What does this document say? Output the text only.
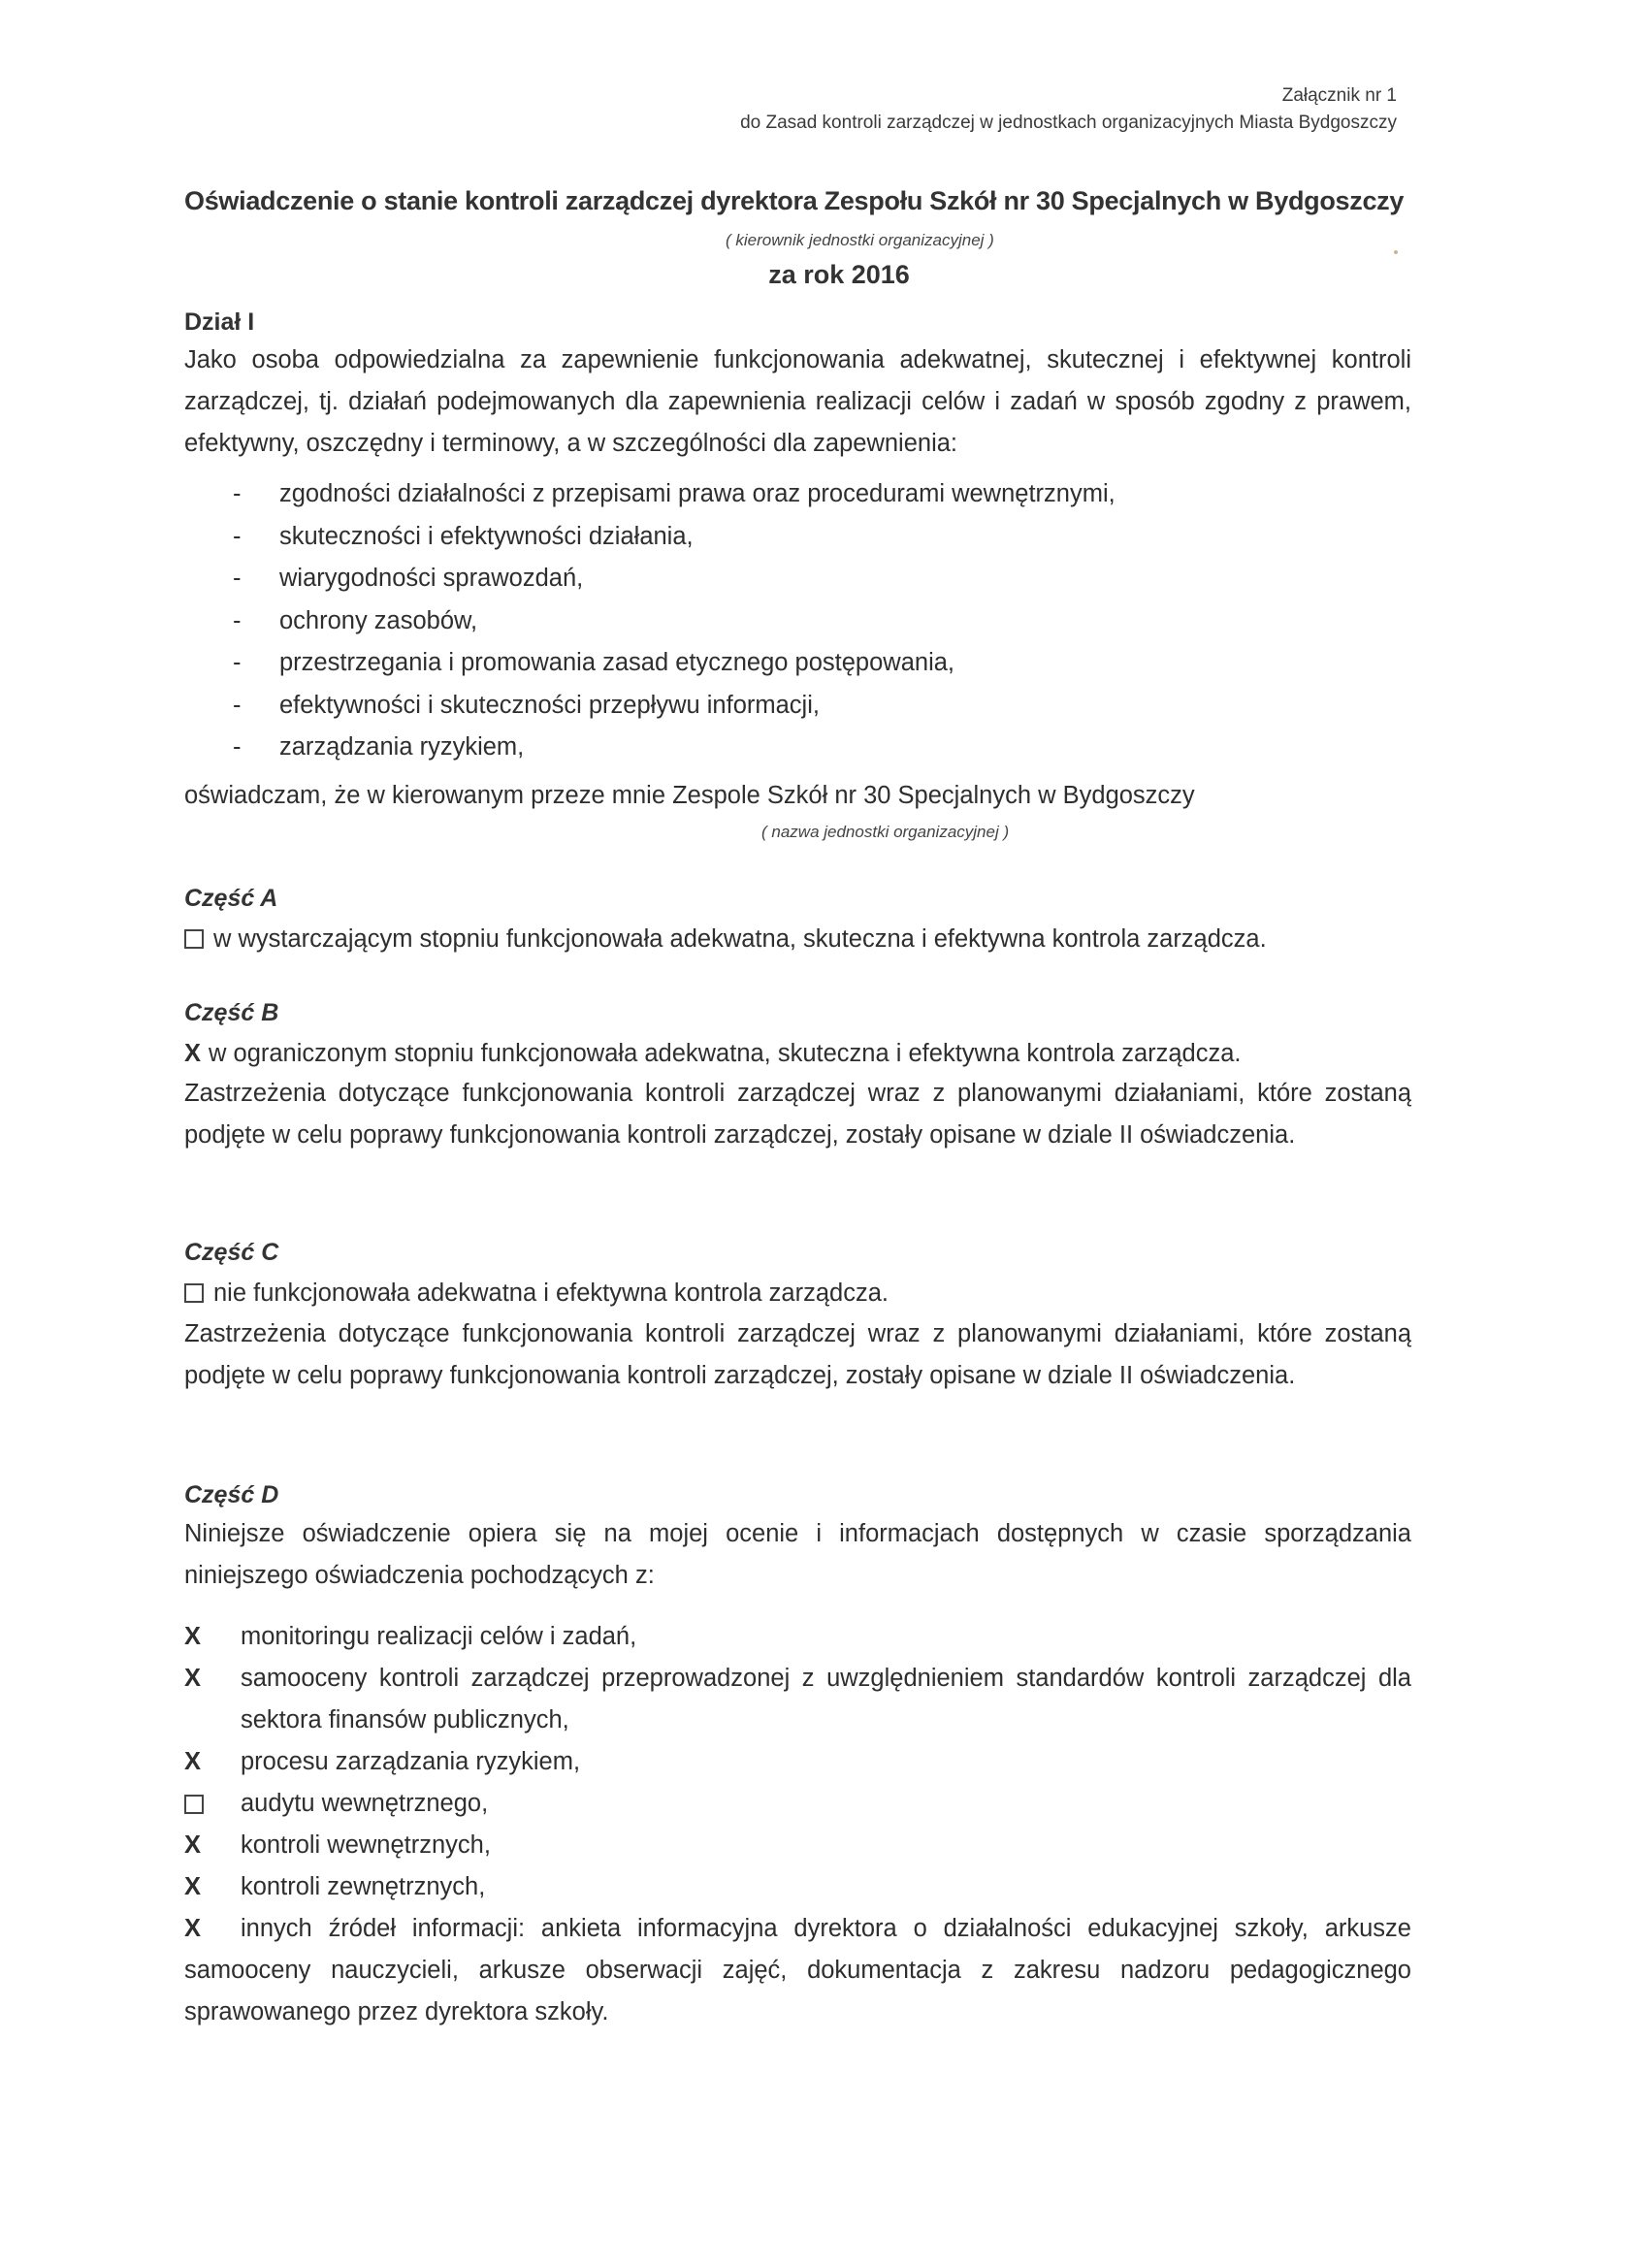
Załącznik nr 1
do Zasad kontroli zarządczej w jednostkach organizacyjnych Miasta Bydgoszczy
Oświadczenie o stanie kontroli zarządczej dyrektora Zespołu Szkół nr 30 Specjalnych w Bydgoszczy
( kierownik jednostki organizacyjnej )
za rok 2016
Dział I
Jako osoba odpowiedzialna za zapewnienie funkcjonowania adekwatnej, skutecznej i efektywnej kontroli zarządczej, tj. działań podejmowanych dla zapewnienia realizacji celów i zadań w sposób zgodny z prawem, efektywny, oszczędny i terminowy, a w szczególności dla zapewnienia:
- zgodności działalności z przepisami prawa oraz procedurami wewnętrznymi,
- skuteczności i efektywności działania,
- wiarygodności sprawozdań,
- ochrony zasobów,
- przestrzegania i promowania zasad etycznego postępowania,
- efektywności i skuteczności przepływu informacji,
- zarządzania ryzykiem,
oświadczam, że w kierowanym przeze mnie Zespole Szkół nr 30 Specjalnych w Bydgoszczy
( nazwa jednostki organizacyjnej )
Część A
w wystarczającym stopniu funkcjonowała adekwatna, skuteczna i efektywna kontrola zarządcza.
Część B
X w ograniczonym stopniu funkcjonowała adekwatna, skuteczna i efektywna kontrola zarządcza.
Zastrzeżenia dotyczące funkcjonowania kontroli zarządczej wraz z planowanymi działaniami, które zostaną podjęte w celu poprawy funkcjonowania kontroli zarządczej, zostały opisane w dziale II oświadczenia.
Część C
nie funkcjonowała adekwatna i efektywna kontrola zarządcza.
Zastrzeżenia dotyczące funkcjonowania kontroli zarządczej wraz z planowanymi działaniami, które zostaną podjęte w celu poprawy funkcjonowania kontroli zarządczej, zostały opisane w dziale II oświadczenia.
Część D
Niniejsze oświadczenie opiera się na mojej ocenie i informacjach dostępnych w czasie sporządzania niniejszego oświadczenia pochodzących z:
X monitoringu realizacji celów i zadań,
X samooceny kontroli zarządczej przeprowadzonej z uwzględnieniem standardów kontroli zarządczej dla sektora finansów publicznych,
X procesu zarządzania ryzykiem,
audytu wewnętrznego,
X kontroli wewnętrznych,
X kontroli zewnętrznych,
X innych źródeł informacji: ankieta informacyjna dyrektora o działalności edukacyjnej szkoły, arkusze samooceny nauczycieli, arkusze obserwacji zajęć, dokumentacja z zakresu nadzoru pedagogicznego sprawowanego przez dyrektora szkoły.
